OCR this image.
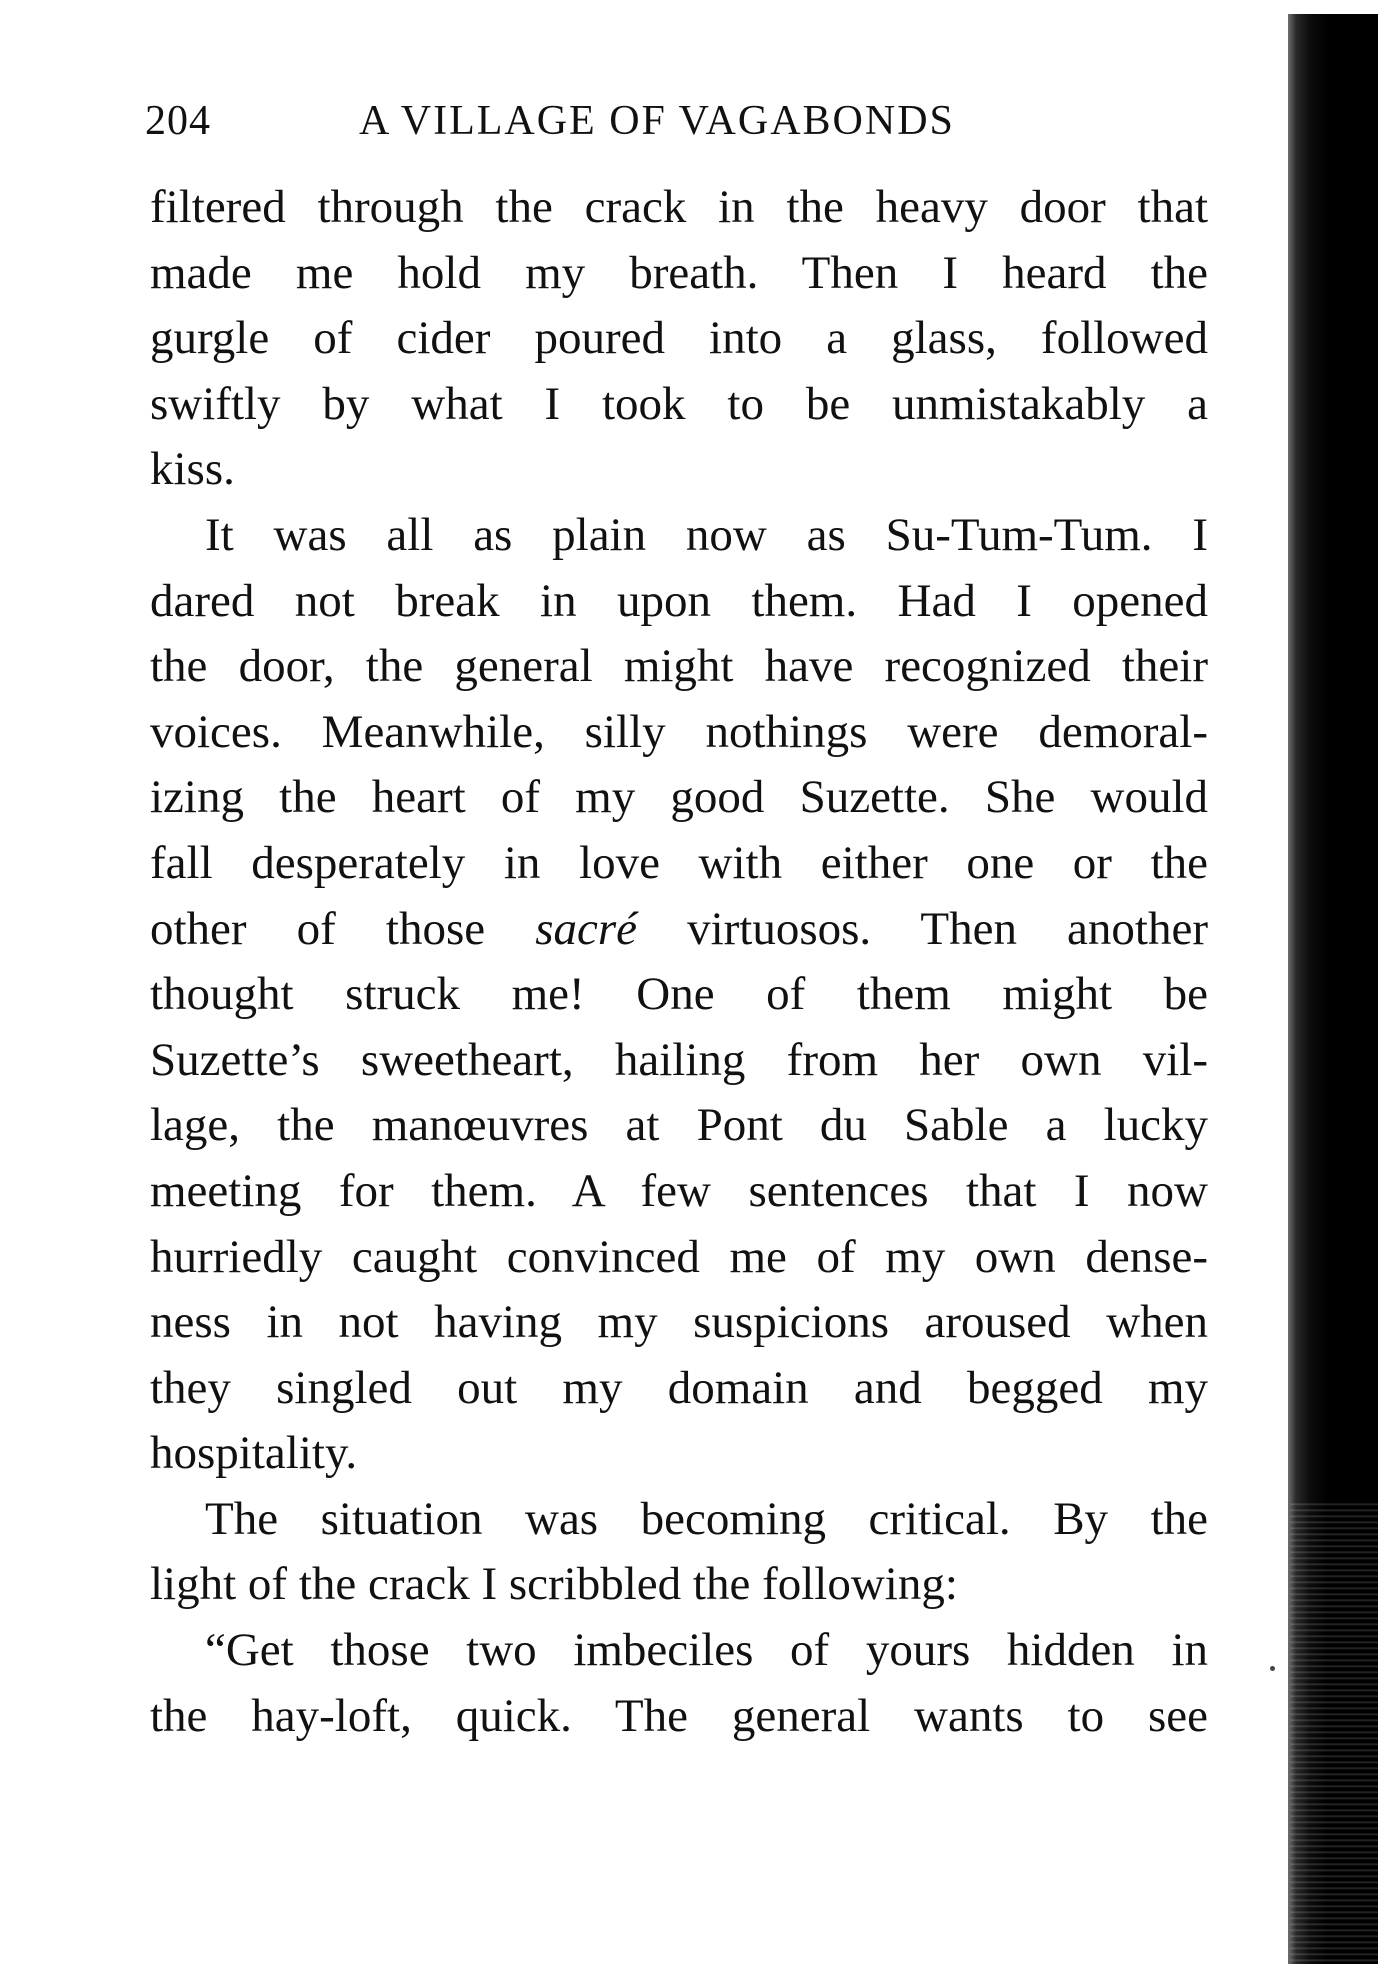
204	A VILLAGE OF VAGABONDS
filtered through the crack in the heavy door that
made me hold my breath. Then I heard the
gurgle of cider poured into a glass, followed
swiftly by what I took to be unmistakably a
kiss.
It was all as plain now as Su-Tum-Tum. I
dared not break in upon them. Had I opened
the door, the general might have recognized their
voices. Meanwhile, silly nothings were demoral-
izing the heart of my good Suzette. She would
fall desperately in love with either one or the
other of those sacré virtuosos. Then another
thought struck me! One of them might be
Suzette’s sweetheart, hailing from her own vil-
lage, the manœuvres at Pont du Sable a lucky
meeting for them. A few sentences that I now
hurriedly caught convinced me of my own dense-
ness in not having my suspicions aroused when
they singled out my domain and begged my
hospitality.
The situation was becoming critical. By the
light of the crack I scribbled the following:
“Get those two imbeciles of yours hidden in
the hay-loft, quick. The general wants to see
